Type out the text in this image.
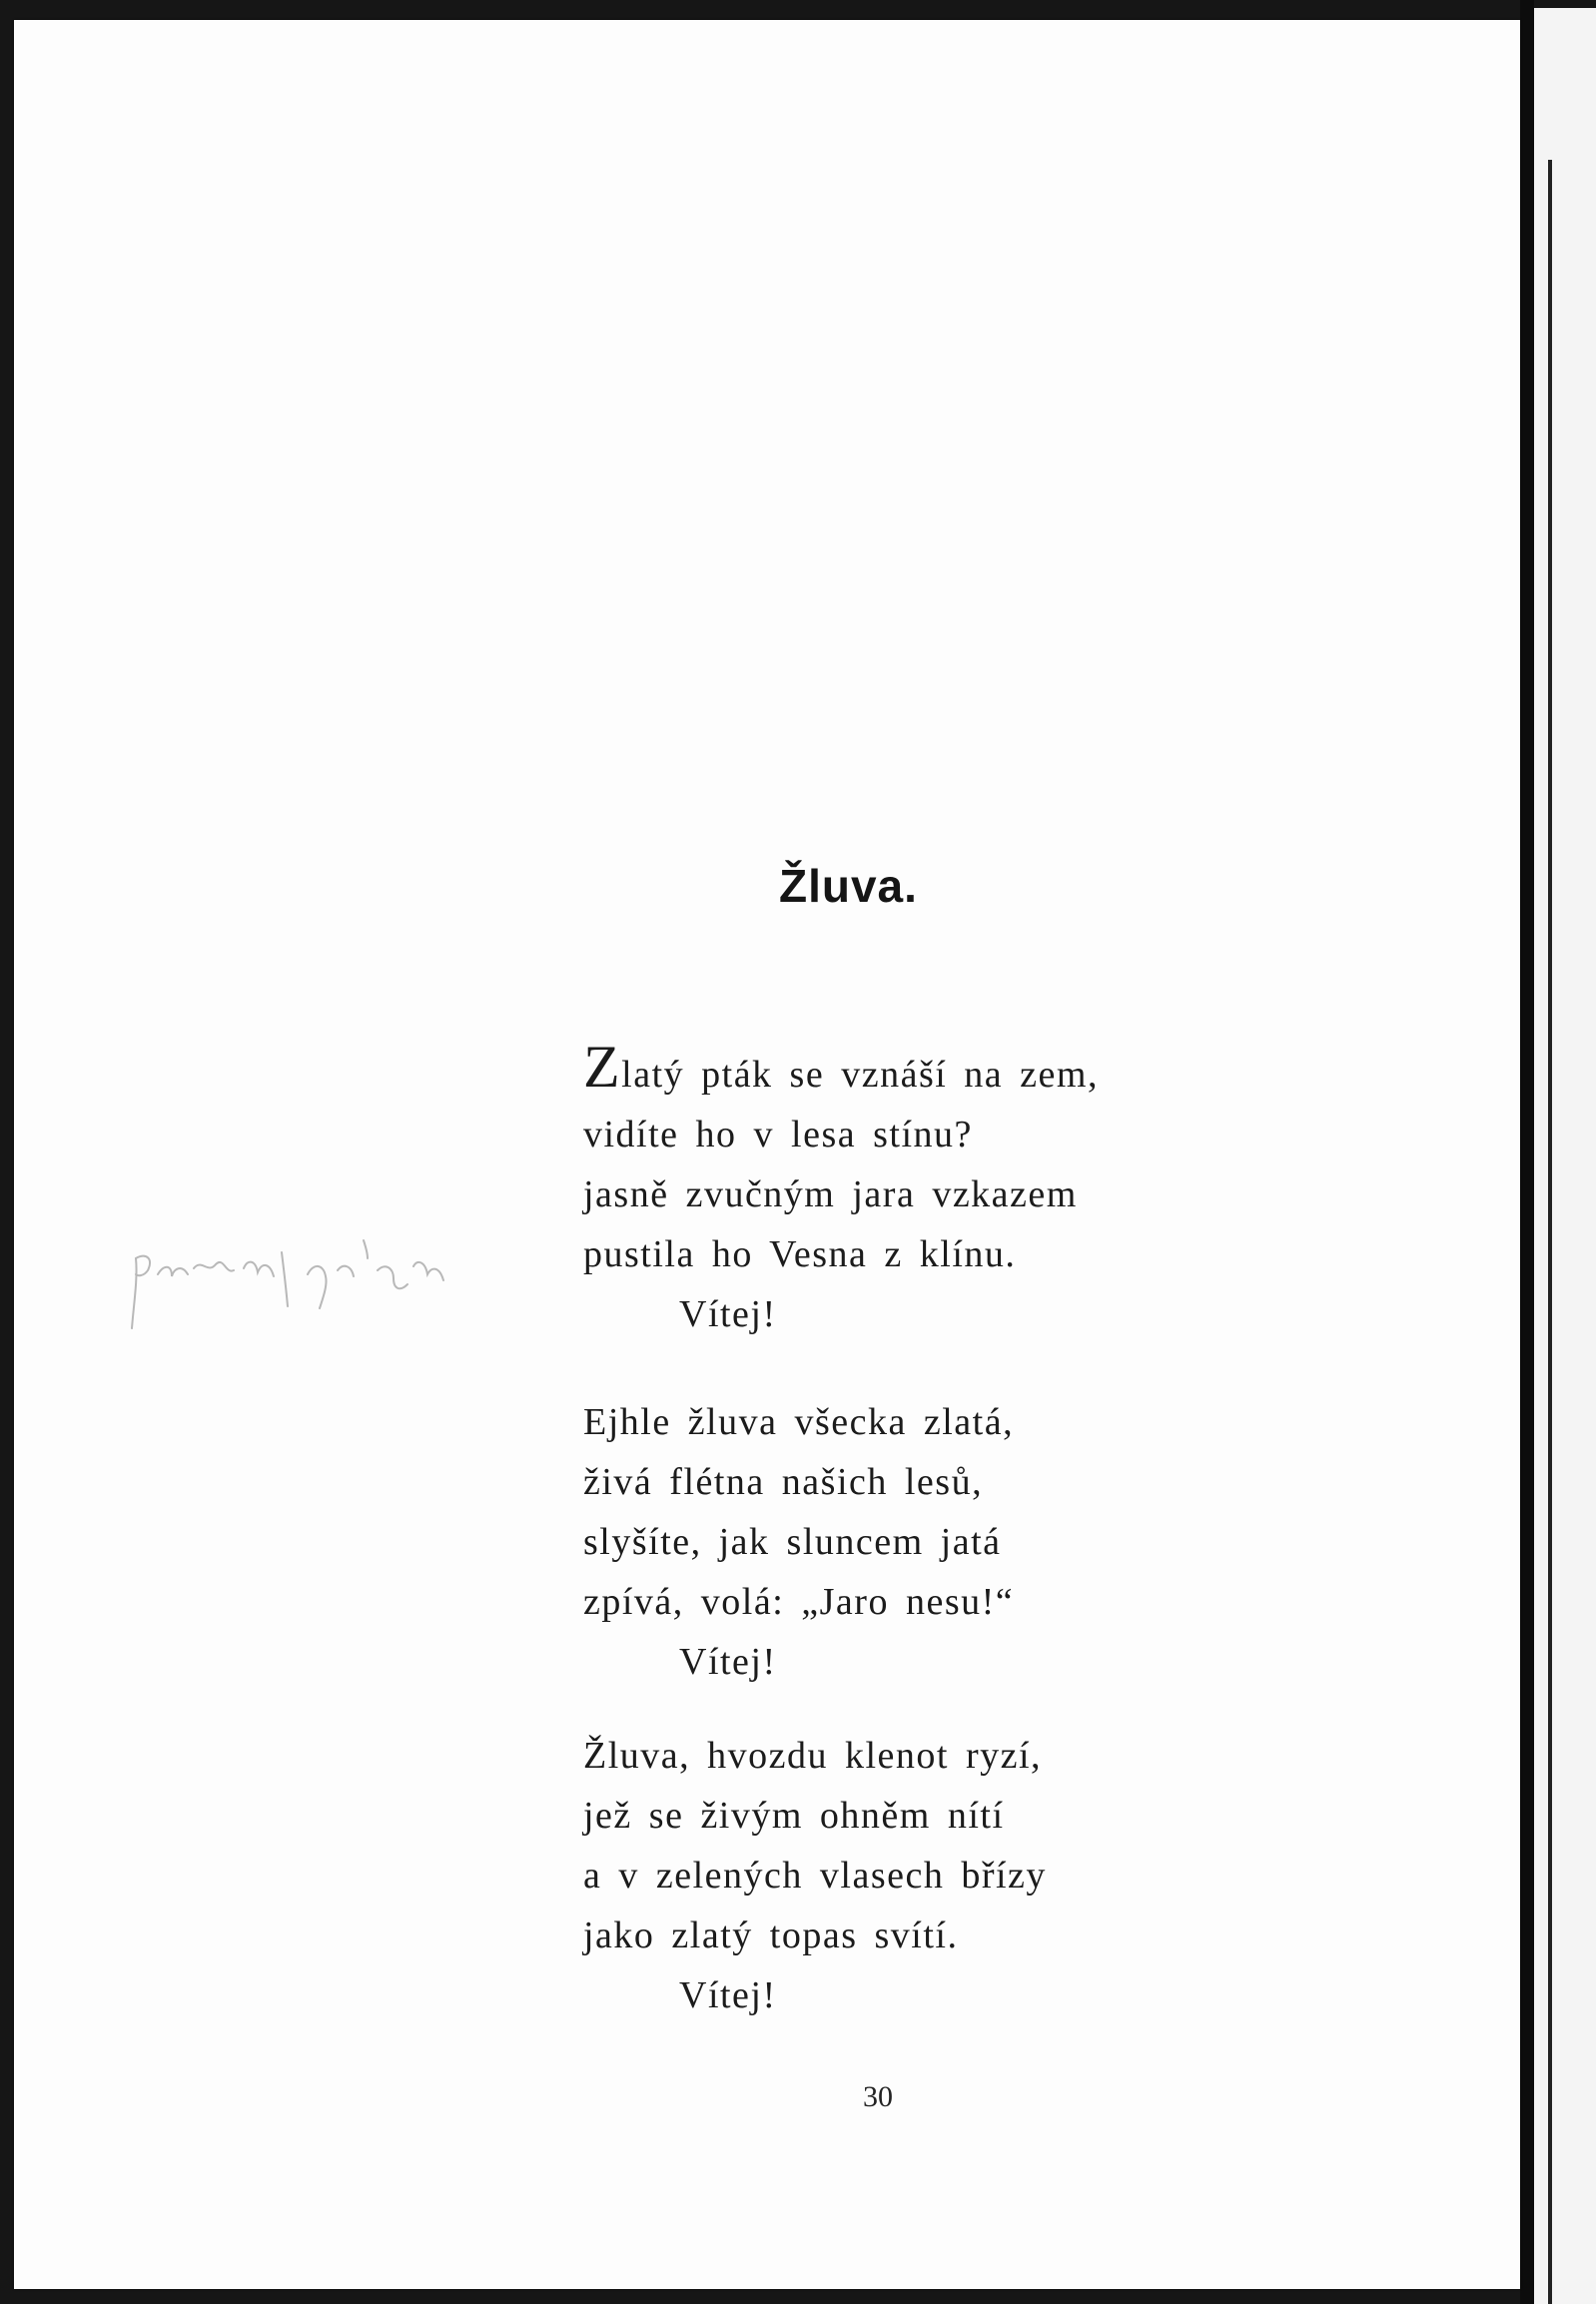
Žluva.
Zlatý pták se vznáší na zem,
vidíte ho v lesa stínu?
jasně zvučným jara vzkazem
pustila ho Vesna z klínu.
Vítej!
Ejhle žluva všecka zlatá,
živá flétna našich lesů,
slyšíte, jak sluncem jatá
zpívá, volá: „Jaro nesu!“
Vítej!
Žluva, hvozdu klenot ryzí,
jež se živým ohněm nítí
a v zelených vlasech břízy
jako zlatý topas svítí.
Vítej!
30
